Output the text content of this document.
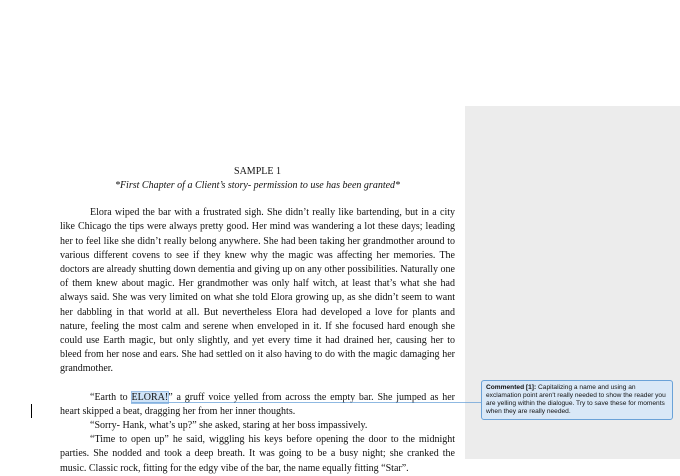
SAMPLE 1

*First Chapter of a Client’s story- permission to use has been granted*

Elora wiped the bar with a frustrated sigh. She didn’t really like bartending, but in a city like Chicago the tips were always pretty good. Her mind was wandering a lot these days; leading her to feel like she didn’t really belong anywhere. She had been taking her grandmother around to various different covens to see if they knew why the magic was affecting her memories. The doctors are already shutting down dementia and giving up on any other possibilities. Naturally one of them knew about magic. Her grandmother was only half witch, at least that’s what she had always said. She was very limited on what she told Elora growing up, as she didn’t seem to want her dabbling in that world at all. But nevertheless Elora had developed a love for plants and nature, feeling the most calm and serene when enveloped in it. If she focused hard enough she could use Earth magic, but only slightly, and yet every time it had drained her, causing her to bleed from her nose and ears. She had settled on it also having to do with the magic damaging her grandmother.

“Earth to ELORA!” a gruff voice yelled from across the empty bar. She jumped as her heart skipped a beat, dragging her from her inner thoughts.

“Sorry- Hank, what’s up?” she asked, staring at her boss impassively.

“Time to open up” he said, wiggling his keys before opening the door to the midnight parties. She nodded and took a deep breath. It was going to be a busy night; she cranked the music. Classic rock, fitting for the edgy vibe of the bar, the name equally fitting “Star”.

Commented [1]: Capitalizing a name and using an exclamation point aren't really needed to show the reader you are yelling within the dialogue. Try to save these for moments when they are really needed.
